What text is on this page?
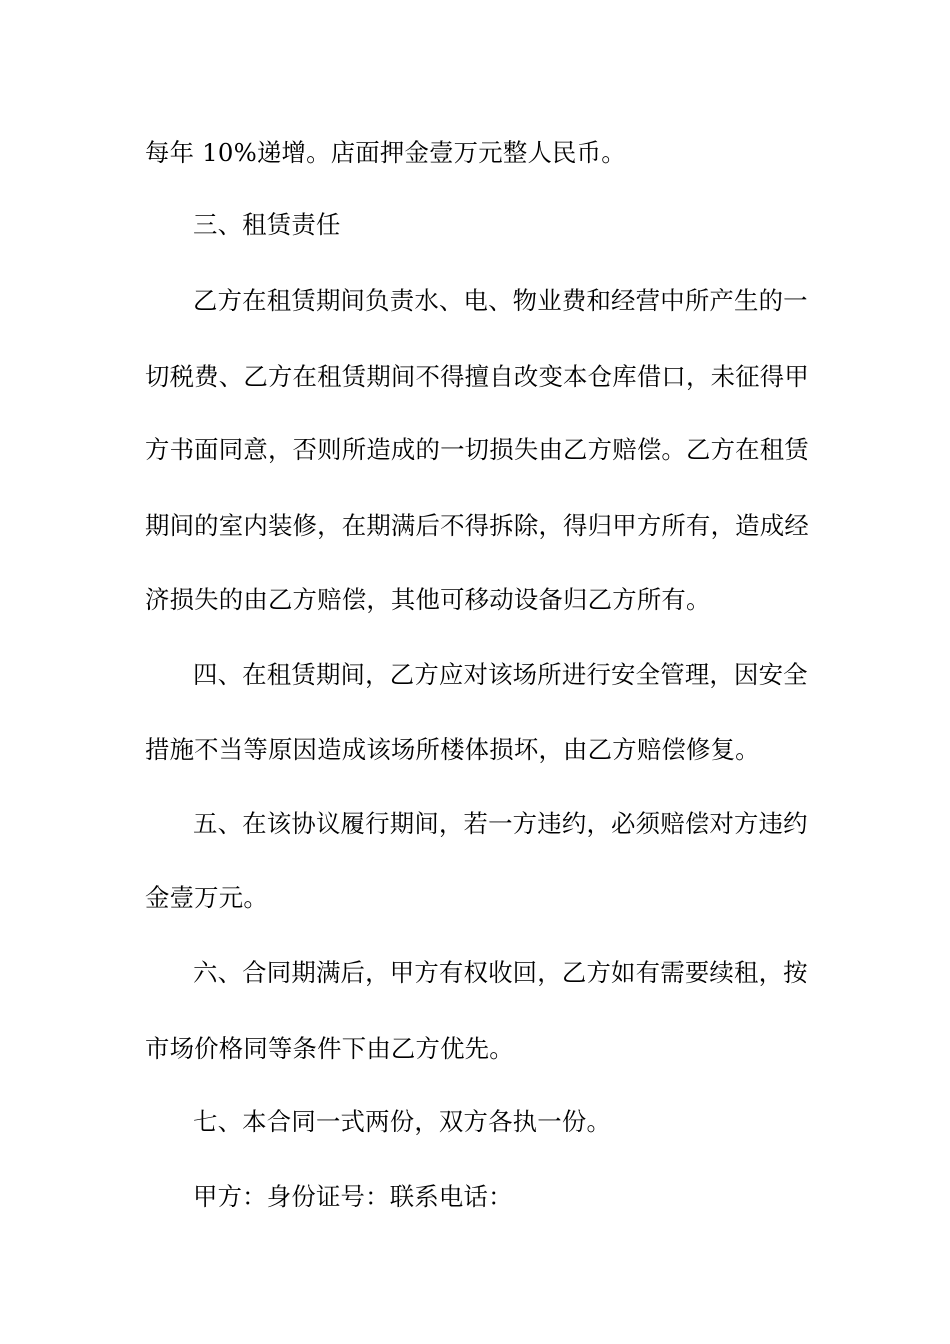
每年 10%递增。店面押金壹万元整人民币。
三、租赁责任
乙方在租赁期间负责水、电、物业费和经营中所产生的一
切税费、乙方在租赁期间不得擅自改变本仓库借口，未征得甲
方书面同意，否则所造成的一切损失由乙方赔偿。乙方在租赁
期间的室内装修，在期满后不得拆除，得归甲方所有，造成经
济损失的由乙方赔偿，其他可移动设备归乙方所有。
四、在租赁期间，乙方应对该场所进行安全管理，因安全
措施不当等原因造成该场所楼体损坏，由乙方赔偿修复。
五、在该协议履行期间，若一方违约，必须赔偿对方违约
金壹万元。
六、合同期满后，甲方有权收回，乙方如有需要续租，按
市场价格同等条件下由乙方优先。
七、本合同一式两份，双方各执一份。
甲方：身份证号：联系电话：
